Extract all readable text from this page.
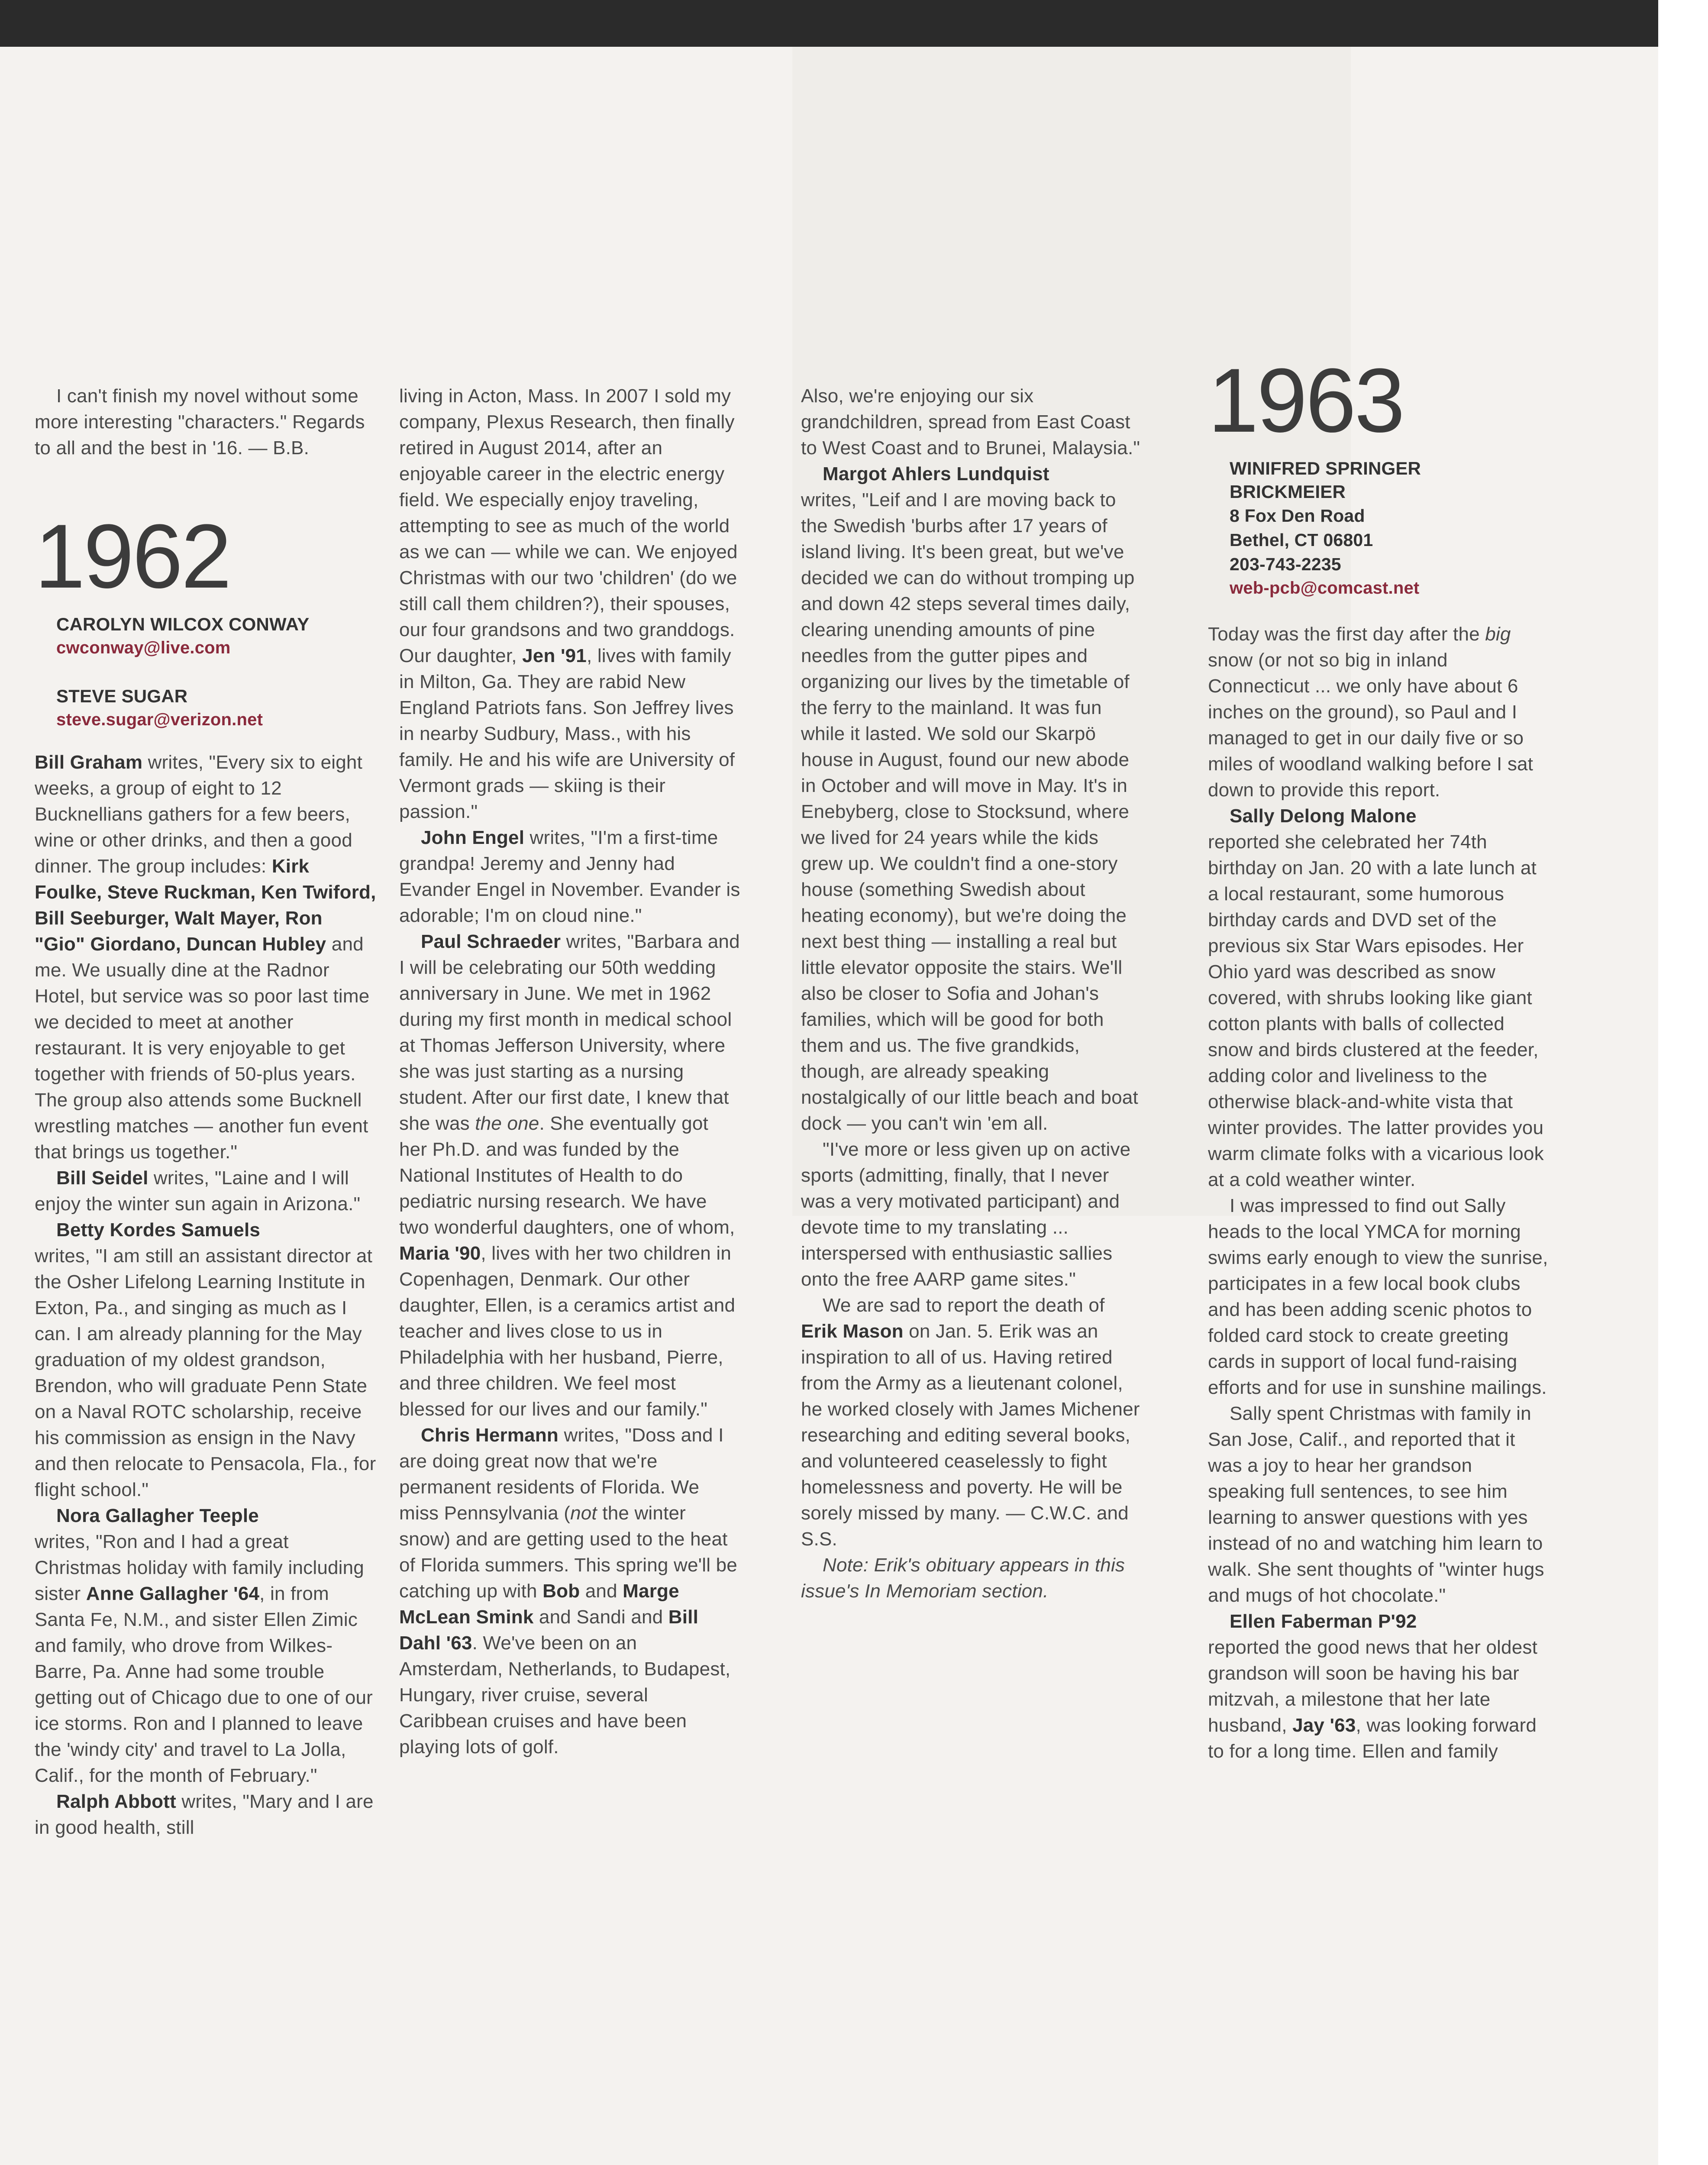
I can't finish my novel without some more interesting "characters." Regards to all and the best in '16. — B.B.

1962

CAROLYN WILCOX CONWAY

cwconway@live.com

STEVE SUGAR

steve.sugar@verizon.net

Bill Graham writes, "Every six to eight weeks, a group of eight to 12 Bucknellians gathers for a few beers, wine or other drinks, and then a good dinner. The group includes: Kirk Foulke, Steve Ruckman, Ken Twiford, Bill Seeburger, Walt Mayer, Ron "Gio" Giordano, Duncan Hubley and me. We usually dine at the Radnor Hotel, but service was so poor last time we decided to meet at another restaurant. It is very enjoyable to get together with friends of 50-plus years. The group also attends some Bucknell wrestling matches — another fun event that brings us together."

Bill Seidel writes, "Laine and I will enjoy the winter sun again in Arizona."

Betty Kordes Samuels
writes, "I am still an assistant director at the Osher Lifelong Learning Institute in Exton, Pa., and singing as much as I can. I am already planning for the May graduation of my oldest grandson, Brendon, who will graduate Penn State on a Naval ROTC scholarship, receive his commission as ensign in the Navy and then relocate to Pensacola, Fla., for flight school."

Nora Gallagher Teeple
writes, "Ron and I had a great Christmas holiday with family including sister Anne Gallagher '64, in from Santa Fe, N.M., and sister Ellen Zimic and family, who drove from Wilkes-Barre, Pa. Anne had some trouble getting out of Chicago due to one of our ice storms. Ron and I planned to leave the 'windy city' and travel to La Jolla, Calif., for the month of February."

Ralph Abbott writes, "Mary and I are in good health, still

living in Acton, Mass. In 2007 I sold my company, Plexus Research, then finally retired in August 2014, after an enjoyable career in the electric energy field. We especially enjoy traveling, attempting to see as much of the world as we can — while we can. We enjoyed Christmas with our two 'children' (do we still call them children?), their spouses, our four grandsons and two granddogs. Our daughter, Jen '91, lives with family in Milton, Ga. They are rabid New England Patriots fans. Son Jeffrey lives in nearby Sudbury, Mass., with his family. He and his wife are University of Vermont grads — skiing is their passion."

John Engel writes, "I'm a first-time grandpa! Jeremy and Jenny had Evander Engel in November. Evander is adorable; I'm on cloud nine."

Paul Schraeder writes, "Barbara and I will be celebrating our 50th wedding anniversary in June. We met in 1962 during my first month in medical school at Thomas Jefferson University, where she was just starting as a nursing student. After our first date, I knew that she was the one. She eventually got her Ph.D. and was funded by the National Institutes of Health to do pediatric nursing research. We have two wonderful daughters, one of whom, Maria '90, lives with her two children in Copenhagen, Denmark. Our other daughter, Ellen, is a ceramics artist and teacher and lives close to us in Philadelphia with her husband, Pierre, and three children. We feel most blessed for our lives and our family."

Chris Hermann writes, "Doss and I are doing great now that we're permanent residents of Florida. We miss Pennsylvania (not the winter snow) and are getting used to the heat of Florida summers. This spring we'll be catching up with Bob and Marge McLean Smink and Sandi and Bill Dahl '63. We've been on an Amsterdam, Netherlands, to Budapest, Hungary, river cruise, several Caribbean cruises and have been playing lots of golf.

Also, we're enjoying our six grandchildren, spread from East Coast to West Coast and to Brunei, Malaysia."

Margot Ahlers Lundquist
writes, "Leif and I are moving back to the Swedish 'burbs after 17 years of island living. It's been great, but we've decided we can do without tromping up and down 42 steps several times daily, clearing unending amounts of pine needles from the gutter pipes and organizing our lives by the timetable of the ferry to the mainland. It was fun while it lasted. We sold our Skarpö house in August, found our new abode in October and will move in May. It's in Enebyberg, close to Stocksund, where we lived for 24 years while the kids grew up. We couldn't find a one-story house (something Swedish about heating economy), but we're doing the next best thing — installing a real but little elevator opposite the stairs. We'll also be closer to Sofia and Johan's families, which will be good for both them and us. The five grandkids, though, are already speaking nostalgically of our little beach and boat dock — you can't win 'em all.

"I've more or less given up on active sports (admitting, finally, that I never was a very motivated participant) and devote time to my translating ... interspersed with enthusiastic sallies onto the free AARP game sites."

We are sad to report the death of Erik Mason on Jan. 5. Erik was an inspiration to all of us. Having retired from the Army as a lieutenant colonel, he worked closely with James Michener researching and editing several books, and volunteered ceaselessly to fight homelessness and poverty. He will be sorely missed by many. — C.W.C. and S.S.

Note: Erik's obituary appears in this issue's In Memoriam section.

1963

WINIFRED SPRINGER

BRICKMEIER

8 Fox Den Road

Bethel, CT 06801

203-743-2235

web-pcb@comcast.net

Today was the first day after the big snow (or not so big in inland Connecticut ... we only have about 6 inches on the ground), so Paul and I managed to get in our daily five or so miles of woodland walking before I sat down to provide this report.

Sally Delong Malone
reported she celebrated her 74th birthday on Jan. 20 with a late lunch at a local restaurant, some humorous birthday cards and DVD set of the previous six Star Wars episodes. Her Ohio yard was described as snow covered, with shrubs looking like giant cotton plants with balls of collected snow and birds clustered at the feeder, adding color and liveliness to the otherwise black-and-white vista that winter provides. The latter provides you warm climate folks with a vicarious look at a cold weather winter.

I was impressed to find out Sally heads to the local YMCA for morning swims early enough to view the sunrise, participates in a few local book clubs and has been adding scenic photos to folded card stock to create greeting cards in support of local fund-raising efforts and for use in sunshine mailings.

Sally spent Christmas with family in San Jose, Calif., and reported that it was a joy to hear her grandson speaking full sentences, to see him learning to answer questions with yes instead of no and watching him learn to walk. She sent thoughts of "winter hugs and mugs of hot chocolate."

Ellen Faberman P'92
reported the good news that her oldest grandson will soon be having his bar mitzvah, a milestone that her late husband, Jay '63, was looking forward to for a long time. Ellen and family
